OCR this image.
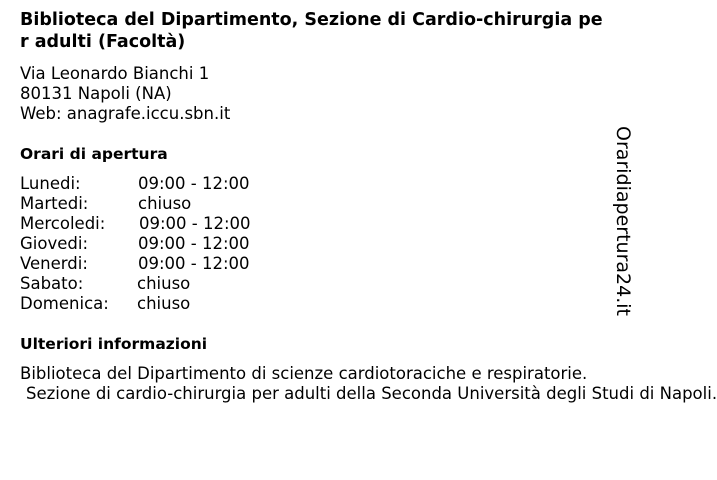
Biblioteca del Dipartimento, Sezione di Cardio-chirurgia per adulti (Facoltà)
Via Leonardo Bianchi 1
80131 Napoli (NA)
Web: anagrafe.iccu.sbn.it
Orari di apertura
Lunedi:	09:00 - 12:00
Martedi:	chiuso
Mercoledi: 09:00 - 12:00
Giovedi:	09:00 - 12:00
Venerdi:	09:00 - 12:00
Sabato:	chiuso
Domenica: chiuso
Ulteriori informazioni
Biblioteca del Dipartimento di scienze cardiotoraciche e respiratorie.
Sezione di cardio-chirurgia per adulti della Seconda Università degli Studi di Napoli.
Oraridiapertura24.it
